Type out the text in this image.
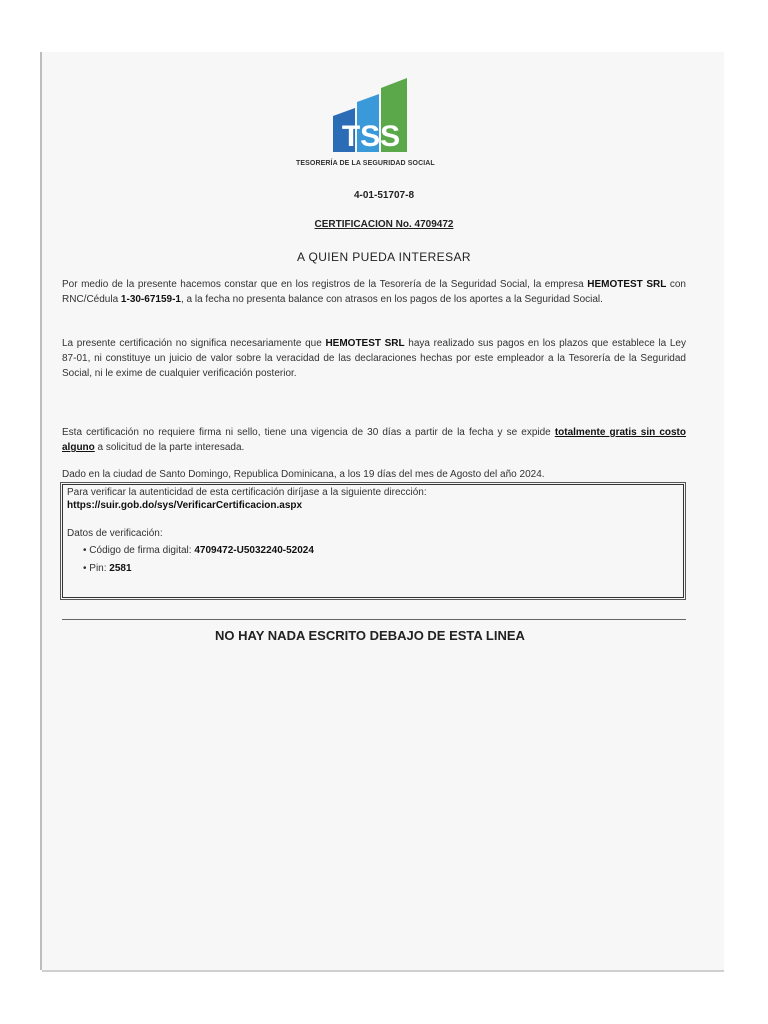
TSS
TESORERÍA DE LA SEGURIDAD SOCIAL
4-01-51707-8
CERTIFICACION No. 4709472
A QUIEN PUEDA INTERESAR
Por medio de la presente hacemos constar que en los registros de la Tesorería de la Seguridad Social, la empresa HEMOTEST SRL con RNC/Cédula 1-30-67159-1, a la fecha no presenta balance con atrasos en los pagos de los aportes a la Seguridad Social.
La presente certificación no significa necesariamente que HEMOTEST SRL haya realizado sus pagos en los plazos que establece la Ley 87-01, ni constituye un juicio de valor sobre la veracidad de las declaraciones hechas por este empleador a la Tesorería de la Seguridad Social, ni le exime de cualquier verificación posterior.
Esta certificación no requiere firma ni sello, tiene una vigencia de 30 días a partir de la fecha y se expide totalmente gratis sin costo alguno a solicitud de la parte interesada.
Dado en la ciudad de Santo Domingo, Republica Dominicana, a los 19 días del mes de Agosto del año 2024.
Para verificar la autenticidad de esta certificación diríjase a la siguiente dirección:
https://suir.gob.do/sys/VerificarCertificacion.aspx
Datos de verificación:
• Código de firma digital: 4709472-U5032240-52024
• Pin: 2581
NO HAY NADA ESCRITO DEBAJO DE ESTA LINEA
